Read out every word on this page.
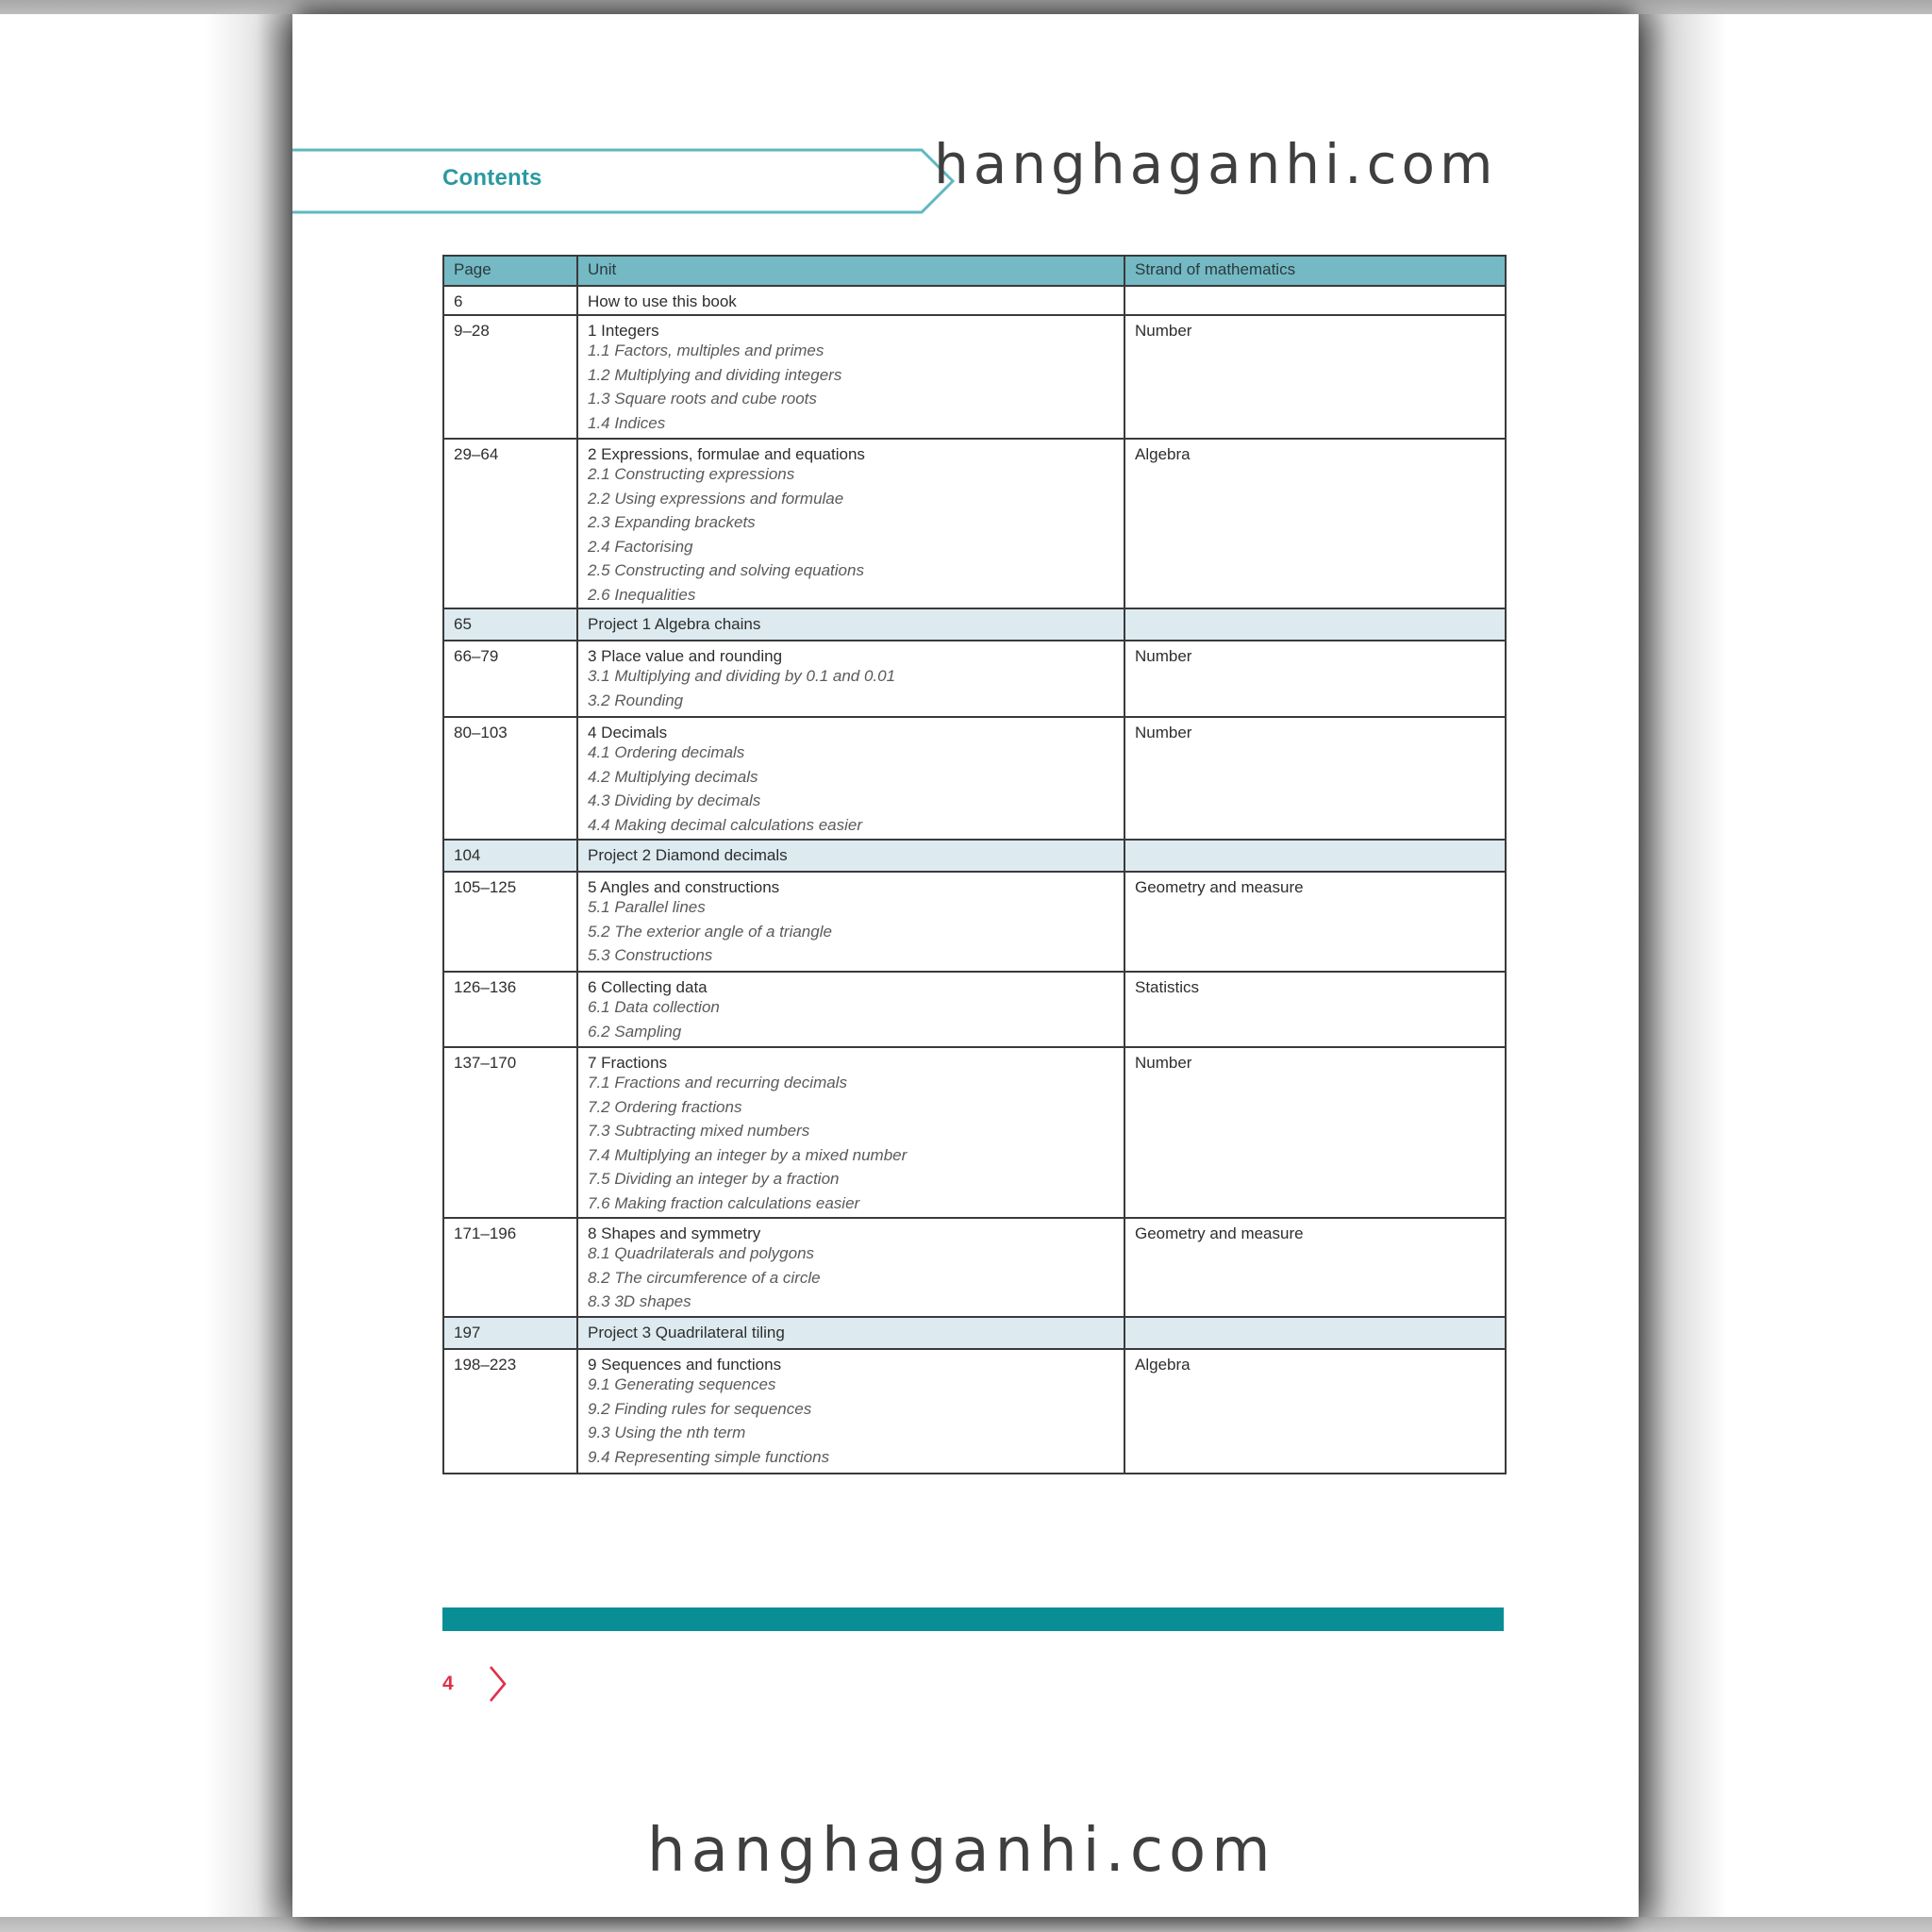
Contents	hanghaganhi.com
Page	Unit	Strand of mathematics
6	How to use this book	

9–28	1 Integers
1.1 Factors, multiples and primes
1.2 Multiplying and dividing integers
1.3 Square roots and cube roots
1.4 Indices	Number
29–64	2 Expressions, formulae and equations
2.1 Constructing expressions
2.2 Using expressions and formulae
2.3 Expanding brackets
2.4 Factorising
2.5 Constructing and solving equations
2.6 Inequalities
	Algebra
65	Project 1 Algebra chains	

66–79	3 Place value and rounding
3.1 Multiplying and dividing by 0.1 and 0.01
3.2 Rounding	Number
80–103	4 Decimals
4.1 Ordering decimals
4.2 Multiplying decimals
4.3 Dividing by decimals
4.4 Making decimal calculations easier	Number
104	Project 2 Diamond decimals	

105–125	5 Angles and constructions
5.1 Parallel lines
5.2 The exterior angle of a triangle
5.3 Constructions	Geometry and measure
126–136	6 Collecting data
6.1 Data collection
6.2 Sampling	Statistics
137–170	7 Fractions
7.1 Fractions and recurring decimals
7.2 Ordering fractions
7.3 Subtracting mixed numbers
7.4 Multiplying an integer by a mixed number
7.5 Dividing an integer by a fraction
7.6 Making fraction calculations easier
	Number
171–196	8 Shapes and symmetry
8.1 Quadrilaterals and polygons
8.2 The circumference of a circle
8.3 3D shapes	Geometry and measure
197	Project 3 Quadrilateral tiling	

198–223	9 Sequences and functions
9.1 Generating sequences
9.2 Finding rules for sequences
9.3 Using the nth term
9.4 Representing simple functions	Algebra
4
hanghaganhi.com
